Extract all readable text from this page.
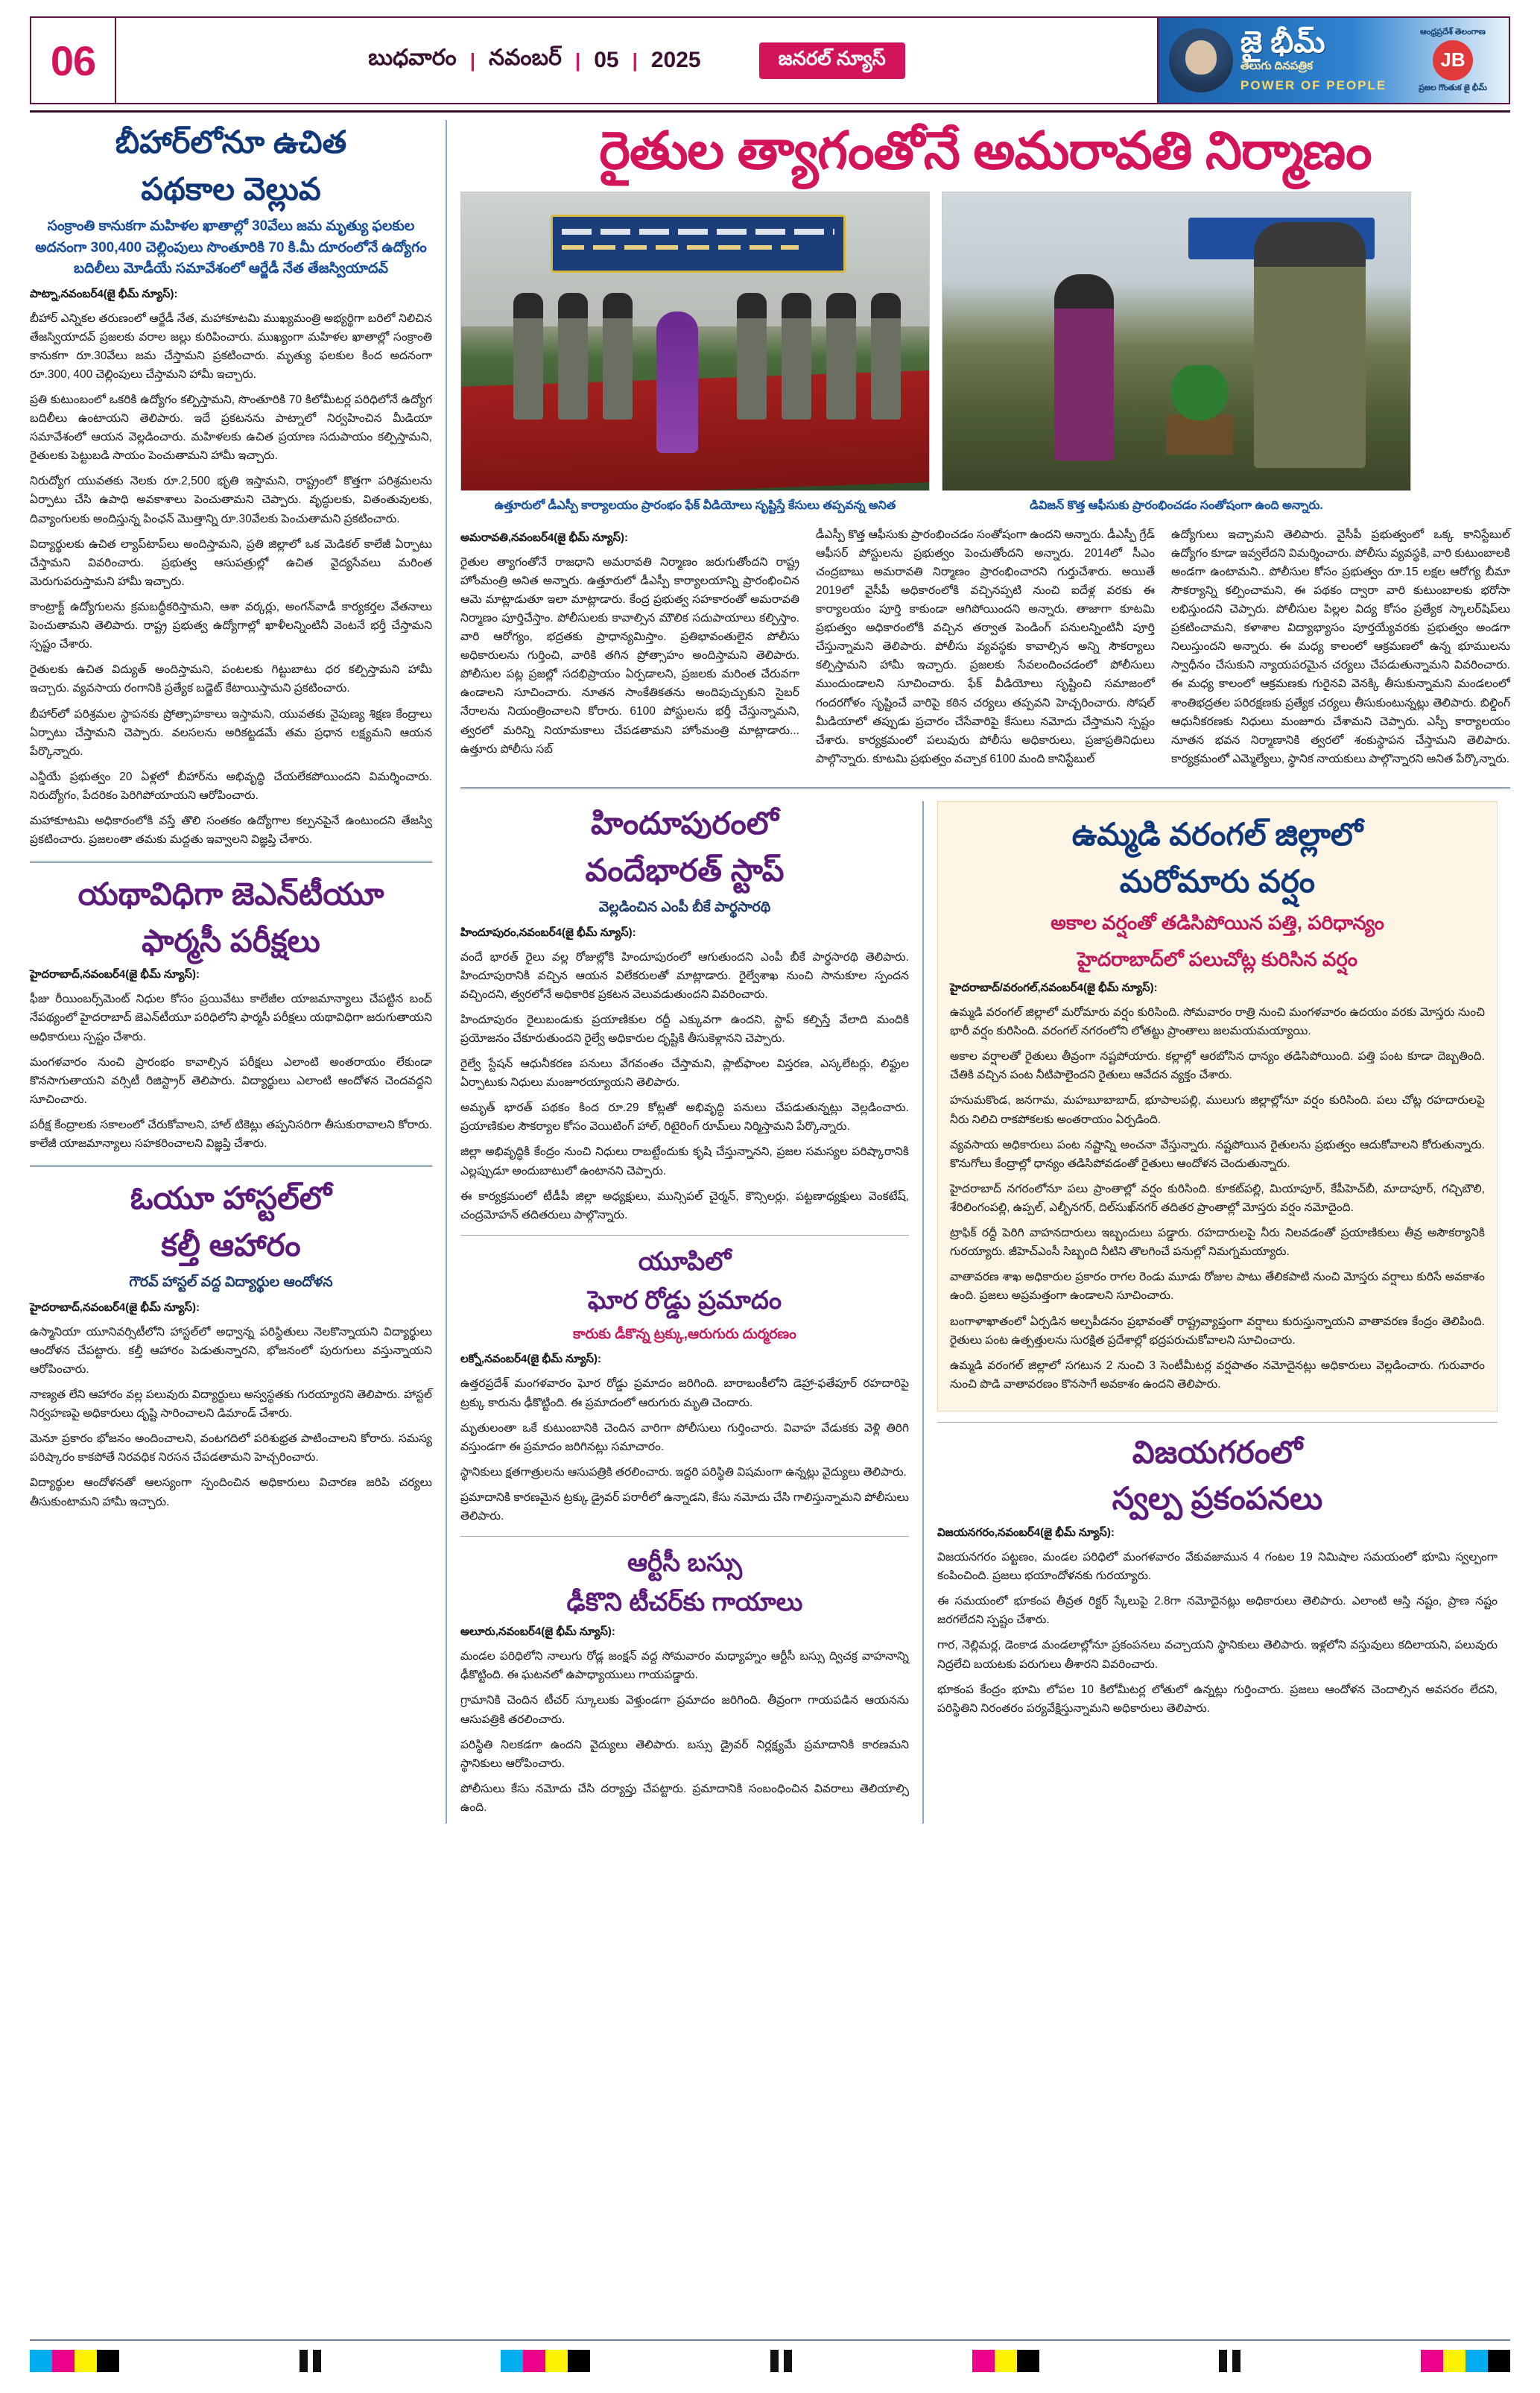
06	బుధవారం | నవంబర్ | 05 | 2025	జనరల్ న్యూస్	జై భీమ్
తెలుగు దినపత్రిక
POWER OF PEOPLE
ఆంధ్రప్రదేశ్ తెలంగాణ
JB
ప్రజల గొంతుక జై భీమ్
బీహార్‌లోనూ ఉచిత
పథకాల వెల్లువ
సంక్రాంతి కానుకగా మహిళల ఖాతాల్లో 30వేలు జమ మృత్యు ఫలకుల అదనంగా 300,400 చెల్లింపులు సొంతూరికి 70 కి.మీ దూరంలోనే ఉద్యోగం బదిలీలు మోడీయే సమావేశంలో ఆర్జేడీ నేత తేజస్వియాదవ్
పాట్నా,నవంబర్4(జై భీమ్ న్యూస్):

బీహార్ ఎన్నికల తరుణంలో ఆర్జేడీ నేత, మహాకూటమి ముఖ్యమంత్రి అభ్యర్థిగా బరిలో నిలిచిన తేజస్వియాదవ్ ప్రజలకు వరాల జల్లు కురిపించారు. ముఖ్యంగా మహిళల ఖాతాల్లో సంక్రాంతి కానుకగా రూ.30వేలు జమ చేస్తామని ప్రకటించారు. మృత్యు ఫలకుల కింద అదనంగా రూ.300, 400 చెల్లింపులు చేస్తామని హామీ ఇచ్చారు.

ప్రతి కుటుంబంలో ఒకరికి ఉద్యోగం కల్పిస్తామని, సొంతూరికి 70 కిలోమీటర్ల పరిధిలోనే ఉద్యోగ బదిలీలు ఉంటాయని తెలిపారు. ఇదే ప్రకటనను పాట్నాలో నిర్వహించిన మీడియా సమావేశంలో ఆయన వెల్లడించారు. మహిళలకు ఉచిత ప్రయాణ సదుపాయం కల్పిస్తామని, రైతులకు పెట్టుబడి సాయం పెంచుతామని హామీ ఇచ్చారు.

నిరుద్యోగ యువతకు నెలకు రూ.2,500 భృతి ఇస్తామని, రాష్ట్రంలో కొత్తగా పరిశ్రమలను ఏర్పాటు చేసి ఉపాధి అవకాశాలు పెంచుతామని చెప్పారు. వృద్ధులకు, వితంతువులకు, దివ్యాంగులకు అందిస్తున్న పింఛన్ మొత్తాన్ని రూ.30వేలకు పెంచుతామని ప్రకటించారు.

విద్యార్థులకు ఉచిత ల్యాప్‌టాప్‌లు అందిస్తామని, ప్రతి జిల్లాలో ఒక మెడికల్ కాలేజీ ఏర్పాటు చేస్తామని వివరించారు. ప్రభుత్వ ఆసుపత్రుల్లో ఉచిత వైద్యసేవలు మరింత మెరుగుపరుస్తామని హామీ ఇచ్చారు.

కాంట్రాక్ట్ ఉద్యోగులను క్రమబద్ధీకరిస్తామని, ఆశా వర్కర్లు, అంగన్‌వాడీ కార్యకర్తల వేతనాలు పెంచుతామని తెలిపారు. రాష్ట్ర ప్రభుత్వ ఉద్యోగాల్లో ఖాళీలన్నింటినీ వెంటనే భర్తీ చేస్తామని స్పష్టం చేశారు.

రైతులకు ఉచిత విద్యుత్ అందిస్తామని, పంటలకు గిట్టుబాటు ధర కల్పిస్తామని హామీ ఇచ్చారు. వ్యవసాయ రంగానికి ప్రత్యేక బడ్జెట్ కేటాయిస్తామని ప్రకటించారు.

బీహార్‌లో పరిశ్రమల స్థాపనకు ప్రోత్సాహకాలు ఇస్తామని, యువతకు నైపుణ్య శిక్షణ కేంద్రాలు ఏర్పాటు చేస్తామని చెప్పారు. వలసలను అరికట్టడమే తమ ప్రధాన లక్ష్యమని ఆయన పేర్కొన్నారు.

ఎన్డీయే ప్రభుత్వం 20 ఏళ్లలో బీహార్‌ను అభివృద్ధి చేయలేకపోయిందని విమర్శించారు. నిరుద్యోగం, పేదరికం పెరిగిపోయాయని ఆరోపించారు.

మహాకూటమి అధికారంలోకి వస్తే తొలి సంతకం ఉద్యోగాల కల్పనపైనే ఉంటుందని తేజస్వి ప్రకటించారు. ప్రజలంతా తమకు మద్దతు ఇవ్వాలని విజ్ఞప్తి చేశారు.

యథావిధిగా జెఎన్‌టీయూ
ఫార్మసీ పరీక్షలు
హైదరాబాద్,నవంబర్4(జై భీమ్ న్యూస్):

ఫీజు రీయింబర్స్‌మెంట్ నిధుల కోసం ప్రయివేటు కాలేజీల యాజమాన్యాలు చేపట్టిన బంద్ నేపథ్యంలో హైదరాబాద్ జెఎన్‌టీయూ పరిధిలోని ఫార్మసీ పరీక్షలు యథావిధిగా జరుగుతాయని అధికారులు స్పష్టం చేశారు.

మంగళవారం నుంచి ప్రారంభం కావాల్సిన పరీక్షలు ఎలాంటి అంతరాయం లేకుండా కొనసాగుతాయని వర్సిటీ రిజిస్ట్రార్ తెలిపారు. విద్యార్థులు ఎలాంటి ఆందోళన చెందవద్దని సూచించారు.

పరీక్ష కేంద్రాలకు సకాలంలో చేరుకోవాలని, హాల్ టికెట్లు తప్పనిసరిగా తీసుకురావాలని కోరారు. కాలేజీ యాజమాన్యాలు సహకరించాలని విజ్ఞప్తి చేశారు.

ఓయూ హాస్టల్‌లో
కల్తీ ఆహారం
గౌరవ్ హాస్టల్ వద్ద విద్యార్థుల ఆందోళన
హైదరాబాద్,నవంబర్4(జై భీమ్ న్యూస్):

ఉస్మానియా యూనివర్సిటీలోని హాస్టల్‌లో అధ్వాన్న పరిస్థితులు నెలకొన్నాయని విద్యార్థులు ఆందోళన చేపట్టారు. కల్తీ ఆహారం పెడుతున్నారని, భోజనంలో పురుగులు వస్తున్నాయని ఆరోపించారు.

నాణ్యత లేని ఆహారం వల్ల పలువురు విద్యార్థులు అస్వస్థతకు గురయ్యారని తెలిపారు. హాస్టల్ నిర్వహణపై అధికారులు దృష్టి సారించాలని డిమాండ్ చేశారు.

మెనూ ప్రకారం భోజనం అందించాలని, వంటగదిలో పరిశుభ్రత పాటించాలని కోరారు. సమస్య పరిష్కారం కాకపోతే నిరవధిక నిరసన చేపడతామని హెచ్చరించారు.

విద్యార్థుల ఆందోళనతో ఆలస్యంగా స్పందించిన అధికారులు విచారణ జరిపి చర్యలు తీసుకుంటామని హామీ ఇచ్చారు.

రైతుల త్యాగంతోనే అమరావతి నిర్మాణం
ఉత్తూరులో డీఎస్పీ కార్యాలయం ప్రారంభం ఫేక్ వీడియోలు సృష్టిస్తే కేసులు తప్పవన్న అనిత	డివిజన్ కొత్త ఆఫీసుకు ప్రారంభించడం సంతోషంగా ఉంది అన్నారు.
అమరావతి,నవంబర్4(జై భీమ్ న్యూస్):

రైతుల త్యాగంతోనే రాజధాని అమరావతి నిర్మాణం జరుగుతోందని రాష్ట్ర హోంమంత్రి అనిత అన్నారు. ఉత్తూరులో డీఎస్పీ కార్యాలయాన్ని ప్రారంభించిన ఆమె మాట్లాడుతూ ఇలా మాట్లాడారు. కేంద్ర ప్రభుత్వ సహకారంతో అమరావతి నిర్మాణం పూర్తిచేస్తాం. పోలీసులకు కావాల్సిన మౌలిక సదుపాయాలు కల్పిస్తాం. వారి ఆరోగ్యం, భద్రతకు ప్రాధాన్యమిస్తాం. ప్రతిభావంతులైన పోలీసు అధికారులను గుర్తించి, వారికి తగిన ప్రోత్సాహం అందిస్తామని తెలిపారు. పోలీసుల పట్ల ప్రజల్లో సదభిప్రాయం ఏర్పడాలని, ప్రజలకు మరింత చేరువగా ఉండాలని సూచించారు. నూతన సాంకేతికతను అందిపుచ్చుకుని సైబర్ నేరాలను నియంత్రించాలని కోరారు. 6100 పోస్టులను భర్తీ చేస్తున్నామని, త్వరలో మరిన్ని నియామకాలు చేపడతామని హోంమంత్రి మాట్లాడారు... ఉత్తూరు పోలీసు సబ్

డీఎస్పీ కొత్త ఆఫీసుకు ప్రారంభించడం సంతోషంగా ఉందని అన్నారు. డీఎస్పీ గ్రేడ్ ఆఫీసర్ పోస్టులను ప్రభుత్వం పెంచుతోందని అన్నారు. 2014లో సీఎం చంద్రబాబు అమరావతి నిర్మాణం ప్రారంభించారని గుర్తుచేశారు. అయితే 2019లో వైసీపీ అధికారంలోకి వచ్చినప్పటి నుంచి ఐదేళ్ల వరకు ఈ కార్యాలయం పూర్తి కాకుండా ఆగిపోయిందని అన్నారు. తాజాగా కూటమి ప్రభుత్వం అధికారంలోకి వచ్చిన తర్వాత పెండింగ్ పనులన్నింటినీ పూర్తి చేస్తున్నామని తెలిపారు. పోలీసు వ్యవస్థకు కావాల్సిన అన్ని సౌకర్యాలు కల్పిస్తామని హామీ ఇచ్చారు. ప్రజలకు సేవలందించడంలో పోలీసులు ముందుండాలని సూచించారు. ఫేక్ వీడియోలు సృష్టించి సమాజంలో గందరగోళం సృష్టించే వారిపై కఠిన చర్యలు తప్పవని హెచ్చరించారు. సోషల్ మీడియాలో తప్పుడు ప్రచారం చేసేవారిపై కేసులు నమోదు చేస్తామని స్పష్టం చేశారు. కార్యక్రమంలో పలువురు పోలీసు అధికారులు, ప్రజాప్రతినిధులు పాల్గొన్నారు. కూటమి ప్రభుత్వం వచ్చాక 6100 మంది కానిస్టేబుల్

ఉద్యోగులు ఇచ్చామని తెలిపారు. వైసీపీ ప్రభుత్వంలో ఒక్క కానిస్టేబుల్ ఉద్యోగం కూడా ఇవ్వలేదని విమర్శించారు. పోలీసు వ్యవస్థకి, వారి కుటుంబాలకి అండగా ఉంటామని.. పోలీసుల కోసం ప్రభుత్వం రూ.15 లక్షల ఆరోగ్య బీమా సౌకర్యాన్ని కల్పించామని, ఈ పథకం ద్వారా వారి కుటుంబాలకు భరోసా లభిస్తుందని చెప్పారు. పోలీసుల పిల్లల విద్య కోసం ప్రత్యేక స్కాలర్‌షిప్‌లు ప్రకటించామని, కళాశాల విద్యాభ్యాసం పూర్తయ్యేవరకు ప్రభుత్వం అండగా నిలుస్తుందని అన్నారు. ఈ మధ్య కాలంలో ఆక్రమణలో ఉన్న భూములను స్వాధీనం చేసుకుని న్యాయపరమైన చర్యలు చేపడుతున్నామని వివరించారు. ఈ మధ్య కాలంలో ఆక్రమణకు గురైనవి వెనక్కి తీసుకున్నామని మండలంలో శాంతిభద్రతల పరిరక్షణకు ప్రత్యేక చర్యలు తీసుకుంటున్నట్లు తెలిపారు. బిల్డింగ్ ఆధునీకరణకు నిధులు మంజూరు చేశామని చెప్పారు. ఎస్పీ కార్యాలయం నూతన భవన నిర్మాణానికి త్వరలో శంకుస్థాపన చేస్తామని తెలిపారు. కార్యక్రమంలో ఎమ్మెల్యేలు, స్థానిక నాయకులు పాల్గొన్నారని అనిత పేర్కొన్నారు.

హిందూపురంలో
వందేభారత్ స్టాప్
వెల్లడించిన ఎంపీ బీకే పార్థసారథి
హిందూపురం,నవంబర్4(జై భీమ్ న్యూస్):

వందే భారత్ రైలు వల్ల రోజుల్లోకి హిందూపురంలో ఆగుతుందని ఎంపీ బీకే పార్థసారథి తెలిపారు. హిందూపురానికి వచ్చిన ఆయన విలేకరులతో మాట్లాడారు. రైల్వేశాఖ నుంచి సానుకూల స్పందన వచ్చిందని, త్వరలోనే అధికారిక ప్రకటన వెలువడుతుందని వివరించారు.

హిందూపురం రైలుబండుకు ప్రయాణికుల రద్దీ ఎక్కువగా ఉందని, స్టాప్ కల్పిస్తే వేలాది మందికి ప్రయోజనం చేకూరుతుందని రైల్వే అధికారుల దృష్టికి తీసుకెళ్లానని చెప్పారు.

రైల్వే స్టేషన్ ఆధునీకరణ పనులు వేగవంతం చేస్తామని, ప్లాట్‌ఫాంల విస్తరణ, ఎస్కలేటర్లు, లిఫ్టుల ఏర్పాటుకు నిధులు మంజూరయ్యాయని తెలిపారు.

అమృత్ భారత్ పథకం కింద రూ.29 కోట్లతో అభివృద్ధి పనులు చేపడుతున్నట్లు వెల్లడించారు. ప్రయాణికుల సౌకర్యాల కోసం వెయిటింగ్ హాల్, రిటైరింగ్ రూమ్‌లు నిర్మిస్తామని పేర్కొన్నారు.

జిల్లా అభివృద్ధికి కేంద్రం నుంచి నిధులు రాబట్టేందుకు కృషి చేస్తున్నానని, ప్రజల సమస్యల పరిష్కారానికి ఎల్లప్పుడూ అందుబాటులో ఉంటానని చెప్పారు.

ఈ కార్యక్రమంలో టీడీపీ జిల్లా అధ్యక్షులు, మున్సిపల్ చైర్మన్, కౌన్సిలర్లు, పట్టణాధ్యక్షులు వెంకటేష్, చంద్రమోహన్ తదితరులు పాల్గొన్నారు.

యూపిలో
ఘోర రోడ్డు ప్రమాదం
కారుకు డీకొన్న ట్రక్కు,ఆరుగురు దుర్మరణం
లక్నో,నవంబర్4(జై భీమ్ న్యూస్):

ఉత్తరప్రదేశ్ మంగళవారం ఘోర రోడ్డు ప్రమాదం జరిగింది. బారాబంకీలోని డెహ్రా-ఫతేపూర్ రహదారిపై ట్రక్కు కారును ఢీకొట్టింది. ఈ ప్రమాదంలో ఆరుగురు మృతి చెందారు.

మృతులంతా ఒకే కుటుంబానికి చెందిన వారిగా పోలీసులు గుర్తించారు. వివాహ వేడుకకు వెళ్లి తిరిగి వస్తుండగా ఈ ప్రమాదం జరిగినట్లు సమాచారం.

స్థానికులు క్షతగాత్రులను ఆసుపత్రికి తరలించారు. ఇద్దరి పరిస్థితి విషమంగా ఉన్నట్లు వైద్యులు తెలిపారు.

ప్రమాదానికి కారణమైన ట్రక్కు డ్రైవర్ పరారీలో ఉన్నాడని, కేసు నమోదు చేసి గాలిస్తున్నామని పోలీసులు తెలిపారు.

ఆర్టీసీ బస్సు
ఢీకొని టీచర్‌కు గాయాలు
అలూరు,నవంబర్4(జై భీమ్ న్యూస్):

మండల పరిధిలోని నాలుగు రోడ్ల జంక్షన్ వద్ద సోమవారం మధ్యాహ్నం ఆర్టీసీ బస్సు ద్విచక్ర వాహనాన్ని ఢీకొట్టింది. ఈ ఘటనలో ఉపాధ్యాయులు గాయపడ్డారు.

గ్రామానికి చెందిన టీచర్ స్కూలుకు వెళ్తుండగా ప్రమాదం జరిగింది. తీవ్రంగా గాయపడిన ఆయనను ఆసుపత్రికి తరలించారు.

పరిస్థితి నిలకడగా ఉందని వైద్యులు తెలిపారు. బస్సు డ్రైవర్ నిర్లక్ష్యమే ప్రమాదానికి కారణమని స్థానికులు ఆరోపించారు.

పోలీసులు కేసు నమోదు చేసి దర్యాప్తు చేపట్టారు. ప్రమాదానికి సంబంధించిన వివరాలు తెలియాల్సి ఉంది.

ఉమ్మడి వరంగల్ జిల్లాలో
మరోమారు వర్షం
అకాల వర్షంతో తడిసిపోయిన పత్తి, పరిధాన్యం
హైదరాబాద్‌లో పలుచోట్ల కురిసిన వర్షం
హైదరాబాద్/వరంగల్,నవంబర్4(జై భీమ్ న్యూస్):

ఉమ్మడి వరంగల్ జిల్లాలో మరోమారు వర్షం కురిసింది. సోమవారం రాత్రి నుంచి మంగళవారం ఉదయం వరకు మోస్తరు నుంచి భారీ వర్షం కురిసింది. వరంగల్ నగరంలోని లోతట్టు ప్రాంతాలు జలమయమయ్యాయి.

అకాల వర్షాలతో రైతులు తీవ్రంగా నష్టపోయారు. కల్లాల్లో ఆరబోసిన ధాన్యం తడిసిపోయింది. పత్తి పంట కూడా దెబ్బతింది. చేతికి వచ్చిన పంట నీటిపాలైందని రైతులు ఆవేదన వ్యక్తం చేశారు.

హనుమకొండ, జనగామ, మహబూబాబాద్, భూపాలపల్లి, ములుగు జిల్లాల్లోనూ వర్షం కురిసింది. పలు చోట్ల రహదారులపై నీరు నిలిచి రాకపోకలకు అంతరాయం ఏర్పడింది.

వ్యవసాయ అధికారులు పంట నష్టాన్ని అంచనా వేస్తున్నారు. నష్టపోయిన రైతులను ప్రభుత్వం ఆదుకోవాలని కోరుతున్నారు. కొనుగోలు కేంద్రాల్లో ధాన్యం తడిసిపోవడంతో రైతులు ఆందోళన చెందుతున్నారు.

హైదరాబాద్ నగరంలోనూ పలు ప్రాంతాల్లో వర్షం కురిసింది. కూకట్‌పల్లి, మియాపూర్, కేపీహెచ్‌బీ, మాదాపూర్, గచ్చిబౌలి, శేరిలింగంపల్లి, ఉప్పల్, ఎల్బీనగర్, దిల్‌సుఖ్‌నగర్ తదితర ప్రాంతాల్లో మోస్తరు వర్షం నమోదైంది.

ట్రాఫిక్ రద్దీ పెరిగి వాహనదారులు ఇబ్బందులు పడ్డారు. రహదారులపై నీరు నిలవడంతో ప్రయాణికులు తీవ్ర అసౌకర్యానికి గురయ్యారు. జీహెచ్ఎంసీ సిబ్బంది నీటిని తొలగించే పనుల్లో నిమగ్నమయ్యారు.

వాతావరణ శాఖ అధికారుల ప్రకారం రాగల రెండు మూడు రోజుల పాటు తేలికపాటి నుంచి మోస్తరు వర్షాలు కురిసే అవకాశం ఉంది. ప్రజలు అప్రమత్తంగా ఉండాలని సూచించారు.

బంగాళాఖాతంలో ఏర్పడిన అల్పపీడనం ప్రభావంతో రాష్ట్రవ్యాప్తంగా వర్షాలు కురుస్తున్నాయని వాతావరణ కేంద్రం తెలిపింది. రైతులు పంట ఉత్పత్తులను సురక్షిత ప్రదేశాల్లో భద్రపరుచుకోవాలని సూచించారు.

ఉమ్మడి వరంగల్ జిల్లాలో సగటున 2 నుంచి 3 సెంటీమీటర్ల వర్షపాతం నమోదైనట్లు అధికారులు వెల్లడించారు. గురువారం నుంచి పొడి వాతావరణం కొనసాగే అవకాశం ఉందని తెలిపారు.

విజయగరంలో
స్వల్ప ప్రకంపనలు
విజయనగరం,నవంబర్4(జై భీమ్ న్యూస్):

విజయనగరం పట్టణం, మండల పరిధిలో మంగళవారం వేకువజామున 4 గంటల 19 నిమిషాల సమయంలో భూమి స్వల్పంగా కంపించింది. ప్రజలు భయాందోళనకు గురయ్యారు.

ఈ సమయంలో భూకంప తీవ్రత రిక్టర్ స్కేలుపై 2.8గా నమోదైనట్లు అధికారులు తెలిపారు. ఎలాంటి ఆస్తి నష్టం, ప్రాణ నష్టం జరగలేదని స్పష్టం చేశారు.

గార, నెల్లిమర్ల, డెంకాడ మండలాల్లోనూ ప్రకంపనలు వచ్చాయని స్థానికులు తెలిపారు. ఇళ్లలోని వస్తువులు కదిలాయని, పలువురు నిద్రలేచి బయటకు పరుగులు తీశారని వివరించారు.

భూకంప కేంద్రం భూమి లోపల 10 కిలోమీటర్ల లోతులో ఉన్నట్లు గుర్తించారు. ప్రజలు ఆందోళన చెందాల్సిన అవసరం లేదని, పరిస్థితిని నిరంతరం పర్యవేక్షిస్తున్నామని అధికారులు తెలిపారు.
